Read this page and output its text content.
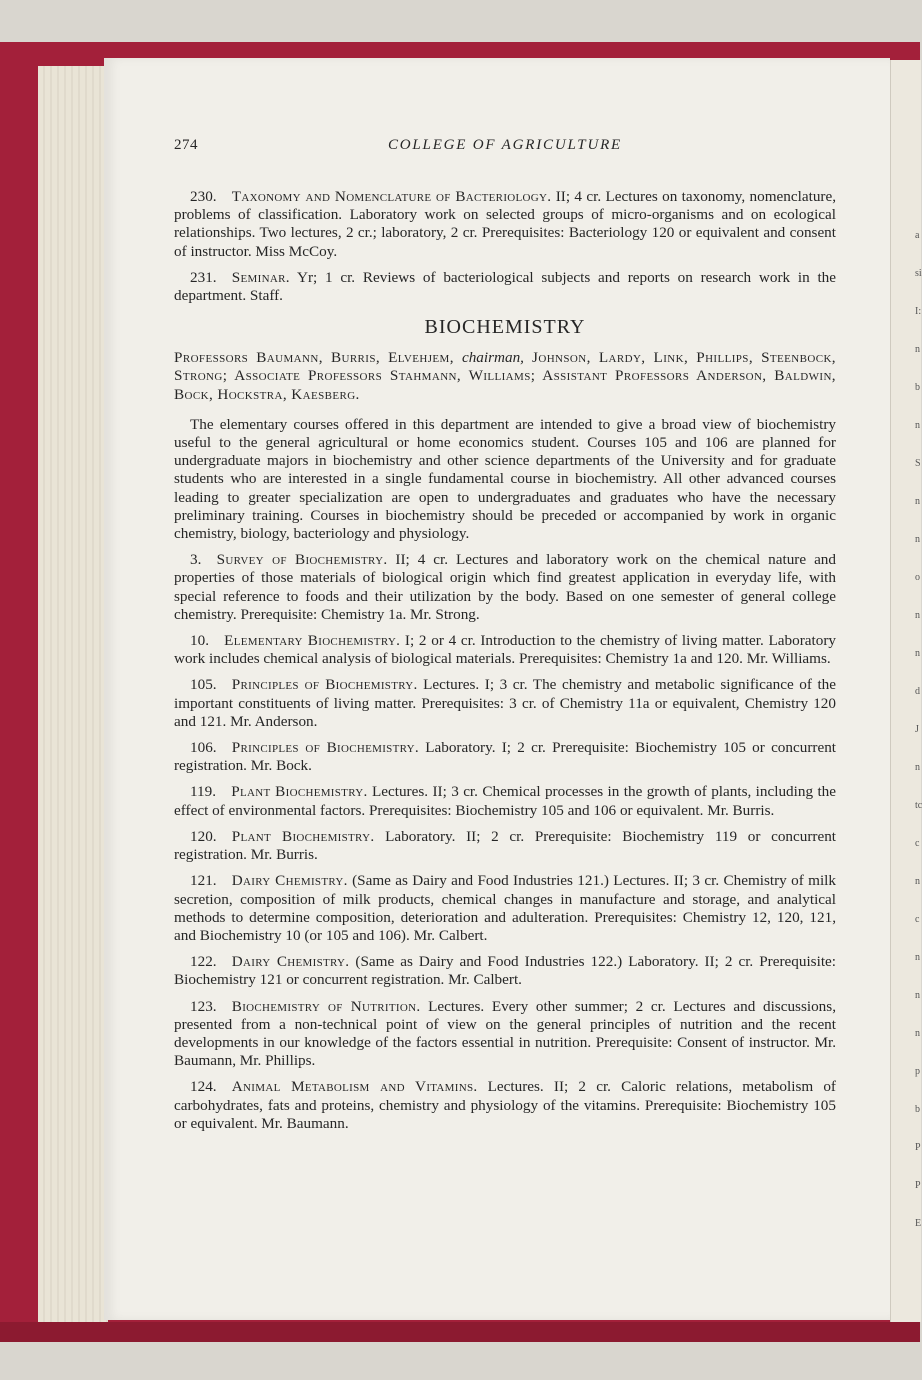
a
si
I:
n
b
n
S
n
n
o
n
n
d
J
n
tc
c
n
c
n
n
n
p
b
P
P
E
274	COLLEGE OF AGRICULTURE

230.  Taxonomy and Nomenclature of Bacteriology. II; 4 cr. Lectures on taxonomy, nomenclature, problems of classification. Laboratory work on selected groups of micro-organisms and on ecological relationships. Two lectures, 2 cr.; laboratory, 2 cr. Prerequisites: Bacteriology 120 or equivalent and consent of instructor. Miss McCoy.

231.  Seminar. Yr; 1 cr. Reviews of bacteriological subjects and reports on research work in the department. Staff.

BIOCHEMISTRY

Professors Baumann, Burris, Elvehjem, chairman, Johnson, Lardy, Link, Phillips, Steenbock, Strong; Associate Professors Stahmann, Williams; Assistant Professors Anderson, Baldwin, Bock, Hockstra, Kaesberg.

The elementary courses offered in this department are intended to give a broad view of biochemistry useful to the general agricultural or home economics student. Courses 105 and 106 are planned for undergraduate majors in biochemistry and other science departments of the University and for graduate students who are interested in a single fundamental course in biochemistry. All other advanced courses leading to greater specialization are open to undergraduates and graduates who have the necessary preliminary training. Courses in biochemistry should be preceded or accompanied by work in organic chemistry, biology, bacteriology and physiology.

3.  Survey of Biochemistry. II; 4 cr. Lectures and laboratory work on the chemical nature and properties of those materials of biological origin which find greatest application in everyday life, with special reference to foods and their utilization by the body. Based on one semester of general college chemistry. Prerequisite: Chemistry 1a. Mr. Strong.

10.  Elementary Biochemistry. I; 2 or 4 cr. Introduction to the chemistry of living matter. Laboratory work includes chemical analysis of biological materials. Prerequisites: Chemistry 1a and 120. Mr. Williams.

105.  Principles of Biochemistry. Lectures. I; 3 cr. The chemistry and metabolic significance of the important constituents of living matter. Prerequisites: 3 cr. of Chemistry 11a or equivalent, Chemistry 120 and 121. Mr. Anderson.

106.  Principles of Biochemistry. Laboratory. I; 2 cr. Prerequisite: Biochemistry 105 or concurrent registration. Mr. Bock.

119.  Plant Biochemistry. Lectures. II; 3 cr. Chemical processes in the growth of plants, including the effect of environmental factors. Prerequisites: Biochemistry 105 and 106 or equivalent. Mr. Burris.

120.  Plant Biochemistry. Laboratory. II; 2 cr. Prerequisite: Biochemistry 119 or concurrent registration. Mr. Burris.

121.  Dairy Chemistry. (Same as Dairy and Food Industries 121.) Lectures. II; 3 cr. Chemistry of milk secretion, composition of milk products, chemical changes in manufacture and storage, and analytical methods to determine composition, deterioration and adulteration. Prerequisites: Chemistry 12, 120, 121, and Biochemistry 10 (or 105 and 106). Mr. Calbert.

122.  Dairy Chemistry. (Same as Dairy and Food Industries 122.) Laboratory. II; 2 cr. Prerequisite: Biochemistry 121 or concurrent registration. Mr. Calbert.

123.  Biochemistry of Nutrition. Lectures. Every other summer; 2 cr. Lectures and discussions, presented from a non-technical point of view on the general principles of nutrition and the recent developments in our knowledge of the factors essential in nutrition. Prerequisite: Consent of instructor. Mr. Baumann, Mr. Phillips.

124.  Animal Metabolism and Vitamins. Lectures. II; 2 cr. Caloric relations, metabolism of carbohydrates, fats and proteins, chemistry and physiology of the vitamins. Prerequisite: Biochemistry 105 or equivalent. Mr. Baumann.
